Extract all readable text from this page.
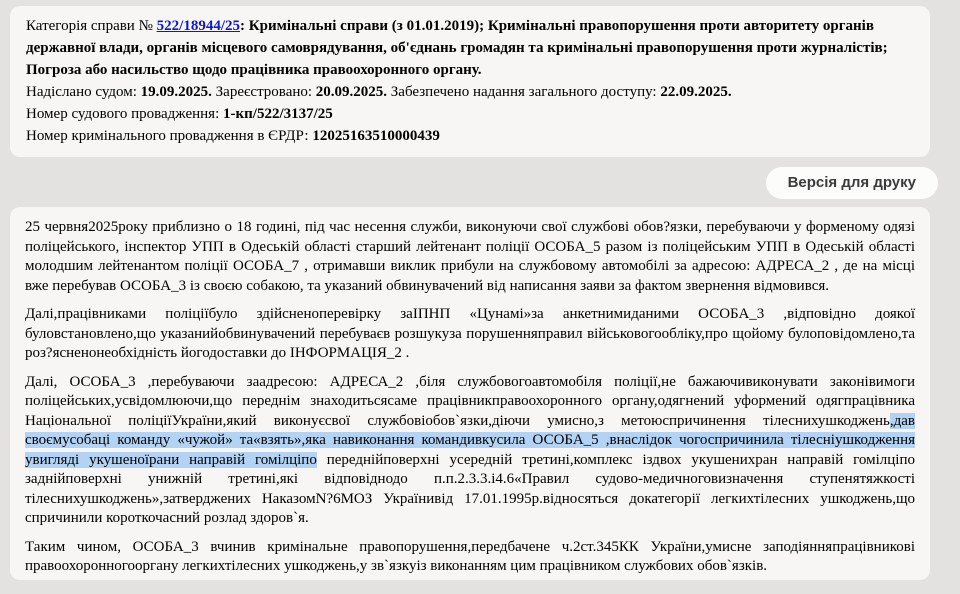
Категорія справи № 522/18944/25: Кримінальні справи (з 01.01.2019); Кримінальні правопорушення проти авторитету органів державної влади, органів місцевого самоврядування, об'єднань громадян та кримінальні правопорушення проти журналістів; Погроза або насильство щодо працівника правоохоронного органу.

Надіслано судом: 19.09.2025. Зареєстровано: 20.09.2025. Забезпечено надання загального доступу: 22.09.2025.

Номер судового провадження: 1-кп/522/3137/25

Номер кримінального провадження в ЄРДР: 12025163510000439

Версія для друку

25 червня2025року приблизно о 18 годині, під час несення служби, виконуючи свої службові обов?язки, перебуваючи у форменому одязі поліцейського, інспектор УПП в Одеській області старший лейтенант поліції ОСОБА_5 разом із поліцейським УПП в Одеській області молодшим лейтенантом поліції ОСОБА_7 , отримавши виклик прибули на службовому автомобілі за адресою: АДРЕСА_2 , де на місці вже перебував ОСОБА_3 із своєю собакою, та указаний обвинувачений від написання заяви за фактом звернення відмовився.

Далі,працівниками поліціїбуло здійсненоперевірку заІПНП «Цунамі»за анкетнимиданими ОСОБА_3 ,відповідно доякої буловстановлено,що указанийобвинувачений перебуваєв розшукуза порушенняправил військовогообліку,про щойому булоповідомлено,та роз?ясненонеобхідність йогодоставки до ІНФОРМАЦІЯ_2 .

Далі, ОСОБА_3 ,перебуваючи заадресою: АДРЕСА_2 ,біля службовогоавтомобіля поліції,не бажаючивиконувати законівимоги поліцейських,усвідомлюючи,що переднім знаходитьсясаме працівникправоохоронного органу,одягнений уформений одягпрацівника Національної поліціїУкраїни,який виконуєсвої службовіобов`язки,діючи умисно,з метоюспричинення тілеснихушкоджень,дав своємусобаці команду «чужой» та«взять»,яка навиконання командивкусила ОСОБА_5 ,внаслідок чогоспричинила тілесніушкодження увигляді укушеноїрани направій гомілціпо переднійповерхні усередній третині,комплекс іздвох укушенихран направій гомілціпо заднійповерхні унижній третині,які відповіднодо п.п.2.3.3.і4.6«Правил судово-медичноговизначення ступенятяжкості тілеснихушкоджень»,затверджених НаказомN?6МОЗ Українивід 17.01.1995р.відносяться докатегорії легкихтілесних ушкоджень,що спричинили короткочасний розлад здоров`я.

Таким чином, ОСОБА_3 вчинив кримінальне правопорушення,передбачене ч.2ст.345КК України,умисне заподіянняпрацівникові правоохоронногооргану легкихтілесних ушкоджень,у зв`язкуіз виконанням цим працівником службових обов`язків.
